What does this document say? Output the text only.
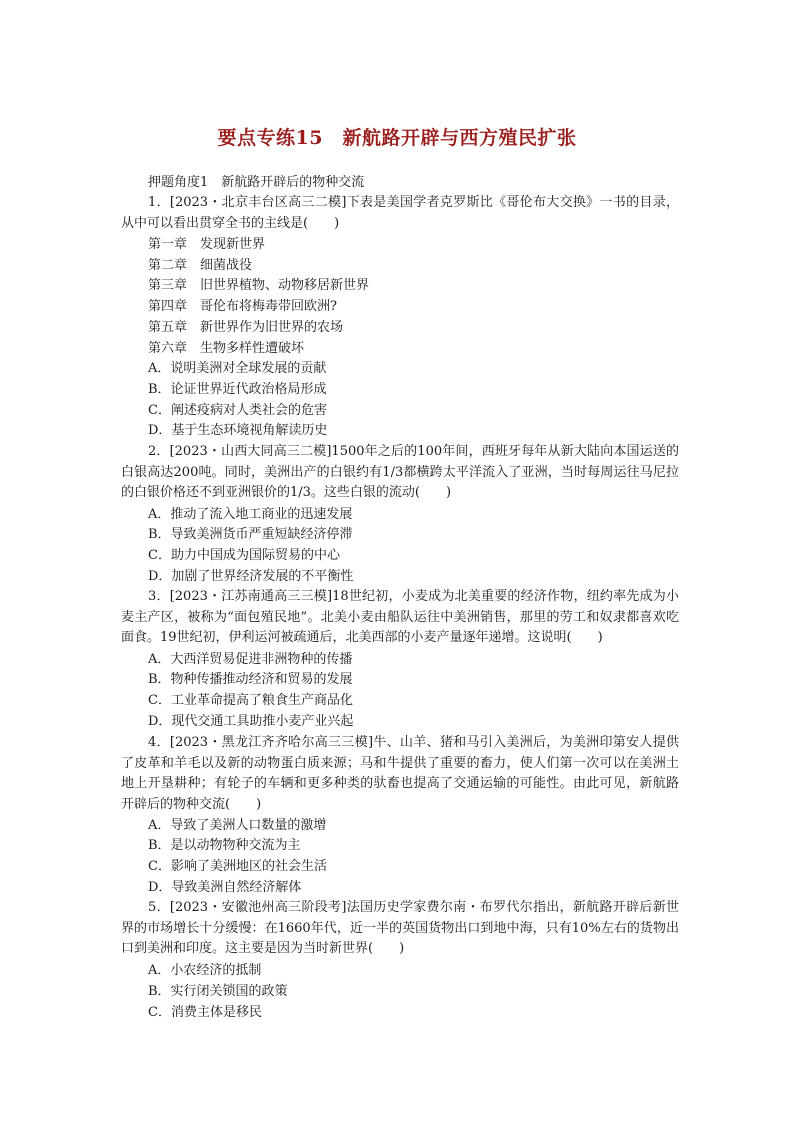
要点专练15　新航路开辟与西方殖民扩张
押题角度1　新航路开辟后的物种交流
1．[2023・北京丰台区高三二模]下表是美国学者克罗斯比《哥伦布大交换》一书的目录，从中可以看出贯穿全书的主线是(　　)
第一章　发现新世界
第二章　细菌战役
第三章　旧世界植物、动物移居新世界
第四章　哥伦布将梅毒带回欧洲?
第五章　新世界作为旧世界的农场
第六章　生物多样性遭破坏
A．说明美洲对全球发展的贡献
B．论证世界近代政治格局形成
C．阐述疫病对人类社会的危害
D．基于生态环境视角解读历史
2．[2023・山西大同高三二模]1500年之后的100年间，西班牙每年从新大陆向本国运送的白银高达200吨。同时，美洲出产的白银约有1/3都横跨太平洋流入了亚洲，当时每周运往马尼拉的白银价格还不到亚洲银价的1/3。这些白银的流动(　　)
A．推动了流入地工商业的迅速发展
B．导致美洲货币严重短缺经济停滞
C．助力中国成为国际贸易的中心
D．加剧了世界经济发展的不平衡性
3．[2023・江苏南通高三三模]18世纪初，小麦成为北美重要的经济作物，纽约率先成为小麦主产区，被称为“面包殖民地”。北美小麦由船队运往中美洲销售，那里的劳工和奴隶都喜欢吃面食。19世纪初，伊利运河被疏通后，北美西部的小麦产量逐年递增。这说明(　　)
A．大西洋贸易促进非洲物种的传播
B．物种传播推动经济和贸易的发展
C．工业革命提高了粮食生产商品化
D．现代交通工具助推小麦产业兴起
4．[2023・黑龙江齐齐哈尔高三三模]牛、山羊、猪和马引入美洲后，为美洲印第安人提供了皮革和羊毛以及新的动物蛋白质来源；马和牛提供了重要的畜力，使人们第一次可以在美洲土地上开垦耕种；有轮子的车辆和更多种类的驮畜也提高了交通运输的可能性。由此可见，新航路开辟后的物种交流(　　)
A．导致了美洲人口数量的激增
B．是以动物物种交流为主
C．影响了美洲地区的社会生活
D．导致美洲自然经济解体
5．[2023・安徽池州高三阶段考]法国历史学家费尔南・布罗代尔指出，新航路开辟后新世界的市场增长十分缓慢：在1660年代，近一半的英国货物出口到地中海，只有10%左右的货物出口到美洲和印度。这主要是因为当时新世界(　　)
A．小农经济的抵制
B．实行闭关锁国的政策
C．消费主体是移民
